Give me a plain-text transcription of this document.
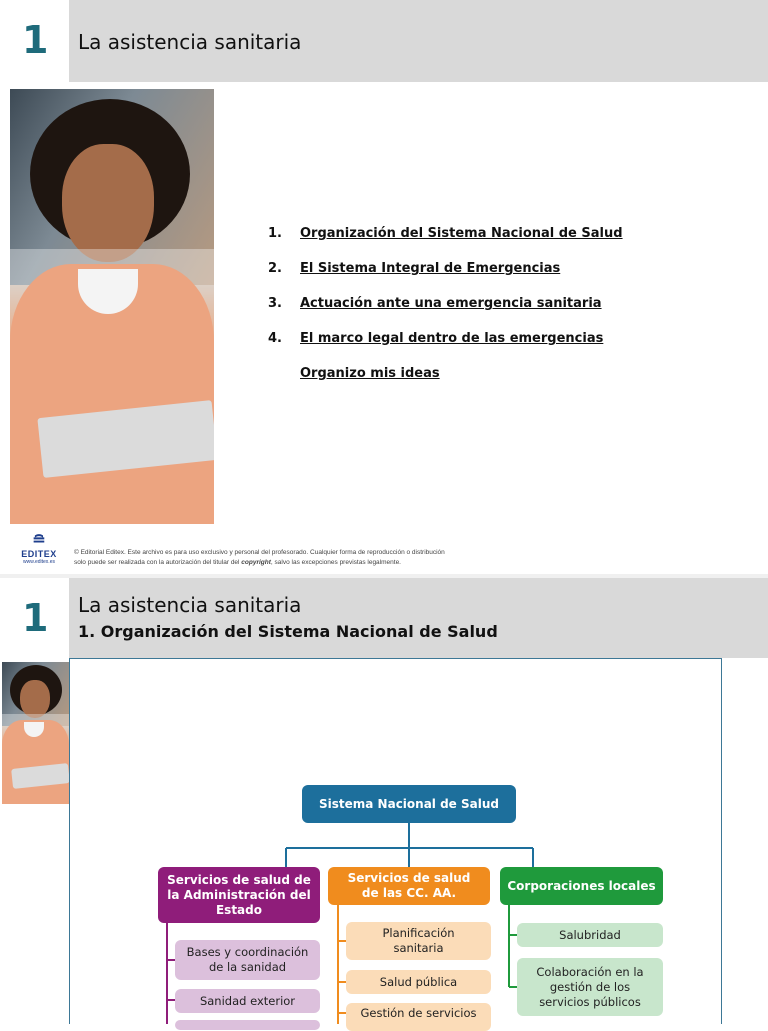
1 La asistencia sanitaria
1.	Organización del Sistema Nacional de Salud
2.	El Sistema Integral de Emergencias
3.	Actuación ante una emergencia sanitaria
4.	El marco legal dentro de las emergencias
Organizo mis ideas
≘
EDITEX
www.editex.es
© Editorial Editex. Este archivo es para uso exclusivo y personal del profesorado. Cualquier forma de reproducción o distribución
solo puede ser realizada con la autorización del titular del copyright, salvo las excepciones previstas legalmente.
1 La asistencia sanitaria
1. Organización del Sistema Nacional de Salud
Sistema Nacional de Salud
Servicios de salud de la Administración del Estado
Servicios de salud de las CC. AA.
Corporaciones locales
Bases y coordinación de la sanidad
Sanidad exterior
Planificación sanitaria
Salud pública
Gestión de servicios
Salubridad
Colaboración en la gestión de los servicios públicos
